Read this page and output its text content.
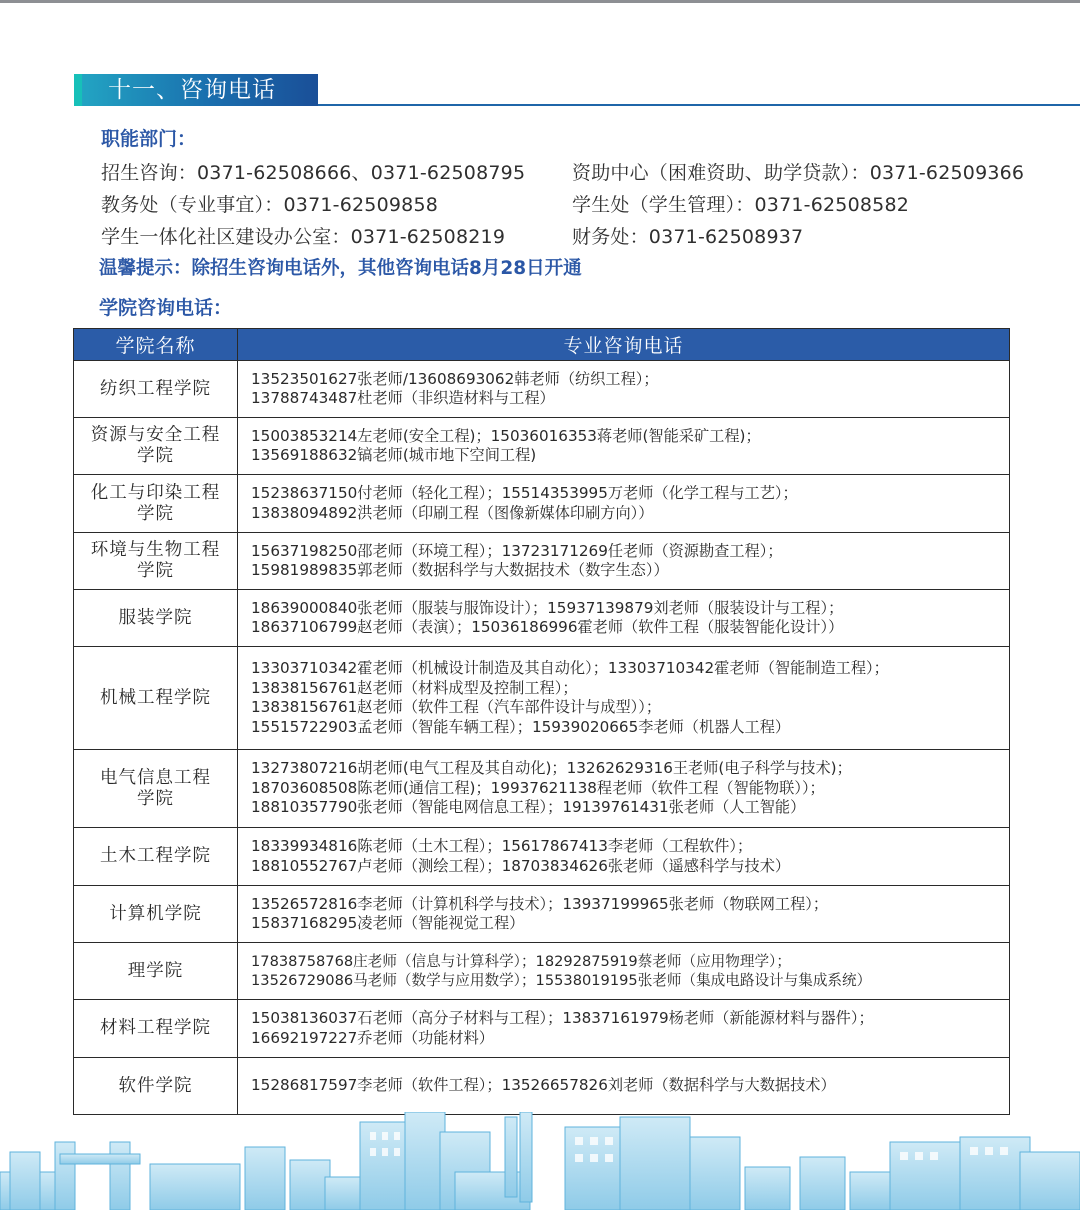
十一、咨询电话
职能部门：
招生咨询：0371-62508666、0371-62508795
教务处（专业事宜）：0371-62509858
学生一体化社区建设办公室：0371-62508219
资助中心（困难资助、助学贷款）：0371-62509366
学生处（学生管理）：0371-62508582
财务处：0371-62508937
温馨提示：除招生咨询电话外，其他咨询电话8月28日开通
学院咨询电话：
学院名称	专业咨询电话

纺织工程学院	13523501627张老师/13608693062韩老师（纺织工程）；
13788743487杜老师（非织造材料与工程）

资源与安全工程
学院	15003853214左老师(安全工程)；15036016353蒋老师(智能采矿工程)；
13569188632镐老师(城市地下空间工程)

化工与印染工程
学院	15238637150付老师（轻化工程）；15514353995万老师（化学工程与工艺）；
13838094892洪老师（印刷工程（图像新媒体印刷方向））

环境与生物工程
学院	15637198250邵老师（环境工程）；13723171269任老师（资源勘查工程）；
15981989835郭老师（数据科学与大数据技术（数字生态））

服装学院	18639000840张老师（服装与服饰设计）；15937139879刘老师（服装设计与工程）；
18637106799赵老师（表演）；15036186996霍老师（软件工程（服装智能化设计））

机械工程学院	13303710342霍老师（机械设计制造及其自动化）；13303710342霍老师（智能制造工程）；
13838156761赵老师（材料成型及控制工程）；
13838156761赵老师（软件工程（汽车部件设计与成型））；
15515722903孟老师（智能车辆工程）；15939020665李老师（机器人工程）

电气信息工程
学院	13273807216胡老师(电气工程及其自动化)；13262629316王老师(电子科学与技术)；
18703608508陈老师(通信工程)；19937621138程老师（软件工程（智能物联））；
18810357790张老师（智能电网信息工程）；19139761431张老师（人工智能）

土木工程学院	18339934816陈老师（土木工程）；15617867413李老师（工程软件）；
18810552767卢老师（测绘工程）；18703834626张老师（遥感科学与技术）

计算机学院	13526572816李老师（计算机科学与技术）；13937199965张老师（物联网工程）；
15837168295凌老师（智能视觉工程）

理学院	17838758768庄老师（信息与计算科学）；18292875919蔡老师（应用物理学）；
13526729086马老师（数学与应用数学）；15538019195张老师（集成电路设计与集成系统）

材料工程学院	15038136037石老师（高分子材料与工程）；13837161979杨老师（新能源材料与器件）；
16692197227乔老师（功能材料）

软件学院	15286817597李老师（软件工程）；13526657826刘老师（数据科学与大数据技术）
